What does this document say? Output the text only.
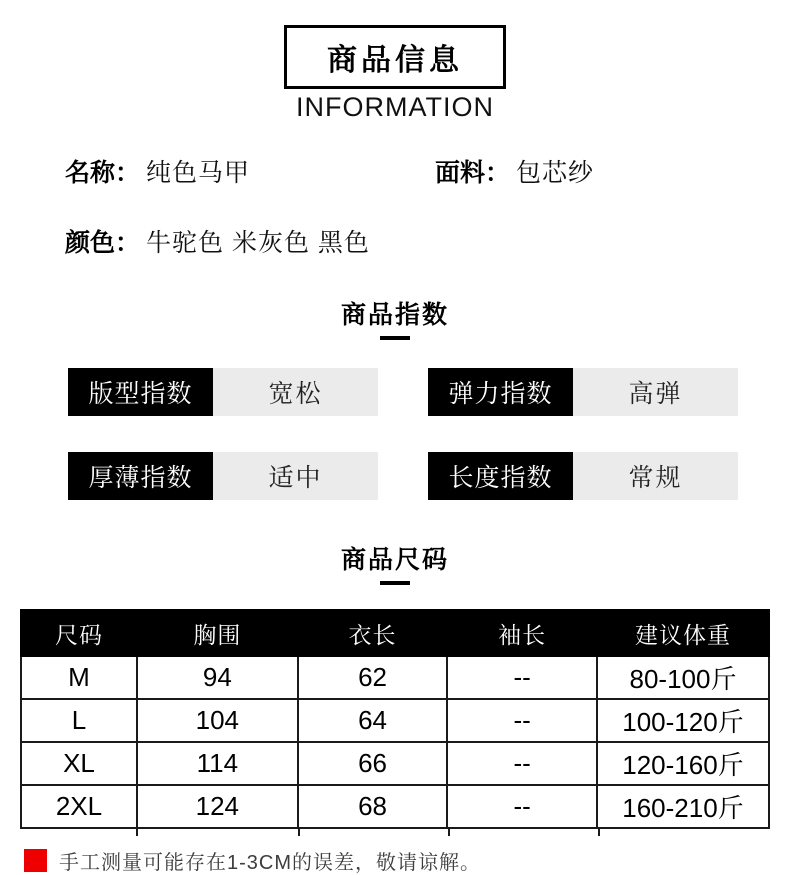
商品信息
INFORMATION
名称： 纯色马甲	面料： 包芯纱
颜色： 牛驼色 米灰色 黑色
商品指数
版型指数	宽松	弹力指数	高弹
厚薄指数	适中	长度指数	常规
商品尺码
尺码	胸围	衣长	袖长	建议体重
M	94	62	--	80-100斤
L	104	64	--	100-120斤
XL	114	66	--	120-160斤
2XL	124	68	--	160-210斤
手工测量可能存在1-3CM的误差，敬请谅解。
